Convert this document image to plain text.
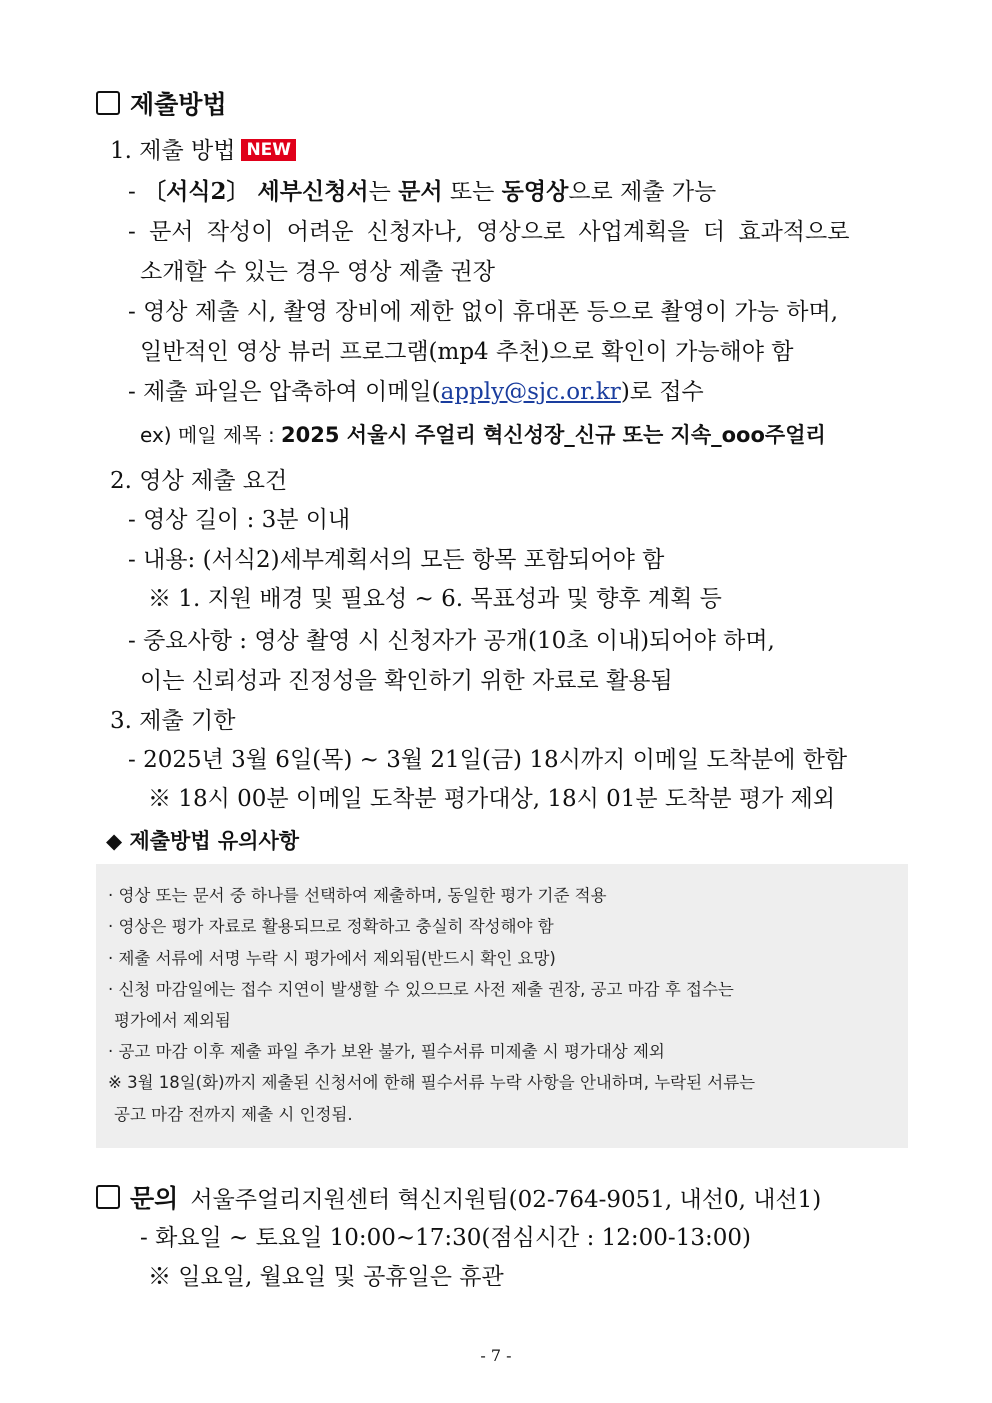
제출방법
1. 제출 방법 NEW
- 〔서식2〕 세부신청서는 문서 또는 동영상으로 제출 가능
- 문서 작성이 어려운 신청자나, 영상으로 사업계획을 더 효과적으로
소개할 수 있는 경우 영상 제출 권장
- 영상 제출 시, 촬영 장비에 제한 없이 휴대폰 등으로 촬영이 가능 하며,
일반적인 영상 뷰러 프로그램(mp4 추천)으로 확인이 가능해야 함
- 제출 파일은 압축하여 이메일(apply@sjc.or.kr)로 접수
ex) 메일 제목 : 2025 서울시 주얼리 혁신성장_신규 또는 지속_ooo주얼리
2. 영상 제출 요건
- 영상 길이 : 3분 이내
- 내용: (서식2)세부계획서의 모든 항목 포함되어야 함
※ 1. 지원 배경 및 필요성 ~ 6. 목표성과 및 향후 계획 등
- 중요사항 : 영상 촬영 시 신청자가 공개(10초 이내)되어야 하며,
이는 신뢰성과 진정성을 확인하기 위한 자료로 활용됨
3. 제출 기한
- 2025년 3월 6일(목) ~ 3월 21일(금) 18시까지 이메일 도착분에 한함
※ 18시 00분 이메일 도착분 평가대상, 18시 01분 도착분 평가 제외
◆ 제출방법 유의사항
· 영상 또는 문서 중 하나를 선택하여 제출하며, 동일한 평가 기준 적용
· 영상은 평가 자료로 활용되므로 정확하고 충실히 작성해야 함
· 제출 서류에 서명 누락 시 평가에서 제외됨(반드시 확인 요망)
· 신청 마감일에는 접수 지연이 발생할 수 있으므로 사전 제출 권장, 공고 마감 후 접수는
평가에서 제외됨
· 공고 마감 이후 제출 파일 추가 보완 불가, 필수서류 미제출 시 평가대상 제외
※ 3월 18일(화)까지 제출된 신청서에 한해 필수서류 누락 사항을 안내하며, 누락된 서류는
공고 마감 전까지 제출 시 인정됨.
문의 서울주얼리지원센터 혁신지원팀(02-764-9051, 내선0, 내선1)
- 화요일 ~ 토요일 10:00~17:30(점심시간 : 12:00-13:00)
※ 일요일, 월요일 및 공휴일은 휴관
- 7 -
